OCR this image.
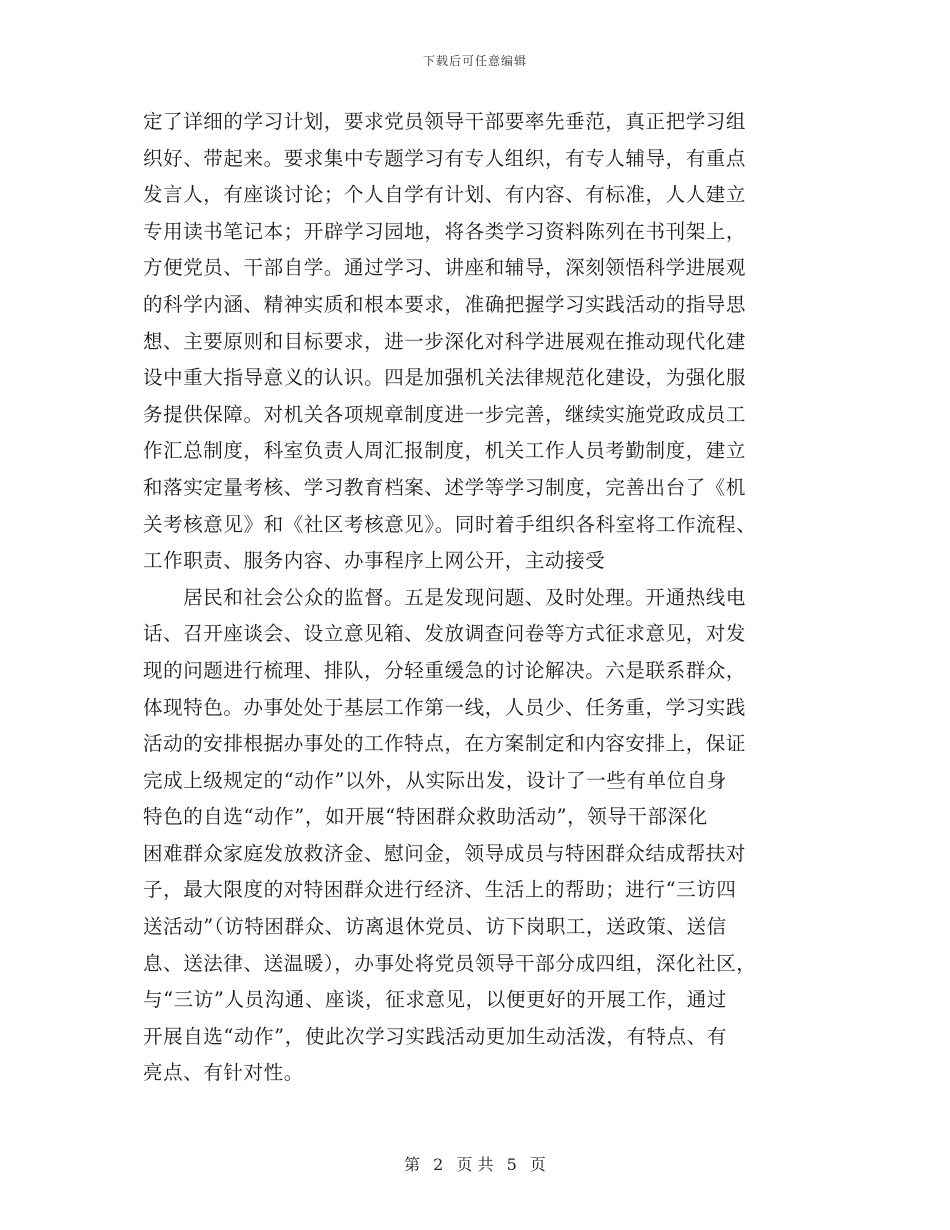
下载后可任意编辑
定了详细的学习计划，要求党员领导干部要率先垂范，真正把学习组
织好、带起来。要求集中专题学习有专人组织，有专人辅导，有重点
发言人，有座谈讨论；个人自学有计划、有内容、有标准，人人建立
专用读书笔记本；开辟学习园地，将各类学习资料陈列在书刊架上，
方便党员、干部自学。通过学习、讲座和辅导，深刻领悟科学进展观
的科学内涵、精神实质和根本要求，准确把握学习实践活动的指导思
想、主要原则和目标要求，进一步深化对科学进展观在推动现代化建
设中重大指导意义的认识。四是加强机关法律规范化建设，为强化服
务提供保障。对机关各项规章制度进一步完善，继续实施党政成员工
作汇总制度，科室负责人周汇报制度，机关工作人员考勤制度，建立
和落实定量考核、学习教育档案、述学等学习制度，完善出台了《机
关考核意见》和《社区考核意见》。同时着手组织各科室将工作流程、
工作职责、服务内容、办事程序上网公开，主动接受
　　居民和社会公众的监督。五是发现问题、及时处理。开通热线电
话、召开座谈会、设立意见箱、发放调查问卷等方式征求意见，对发
现的问题进行梳理、排队，分轻重缓急的讨论解决。六是联系群众，
体现特色。办事处处于基层工作第一线，人员少、任务重，学习实践
活动的安排根据办事处的工作特点，在方案制定和内容安排上，保证
完成上级规定的“动作”以外，从实际出发，设计了一些有单位自身
特色的自选“动作”，如开展“特困群众救助活动”，领导干部深化
困难群众家庭发放救济金、慰问金，领导成员与特困群众结成帮扶对
子，最大限度的对特困群众进行经济、生活上的帮助；进行“三访四
送活动”（访特困群众、访离退休党员、访下岗职工，送政策、送信
息、送法律、送温暖），办事处将党员领导干部分成四组，深化社区，
与“三访”人员沟通、座谈，征求意见，以便更好的开展工作，通过
开展自选“动作”，使此次学习实践活动更加生动活泼，有特点、有
亮点、有针对性。
第 2 页 共 5 页
